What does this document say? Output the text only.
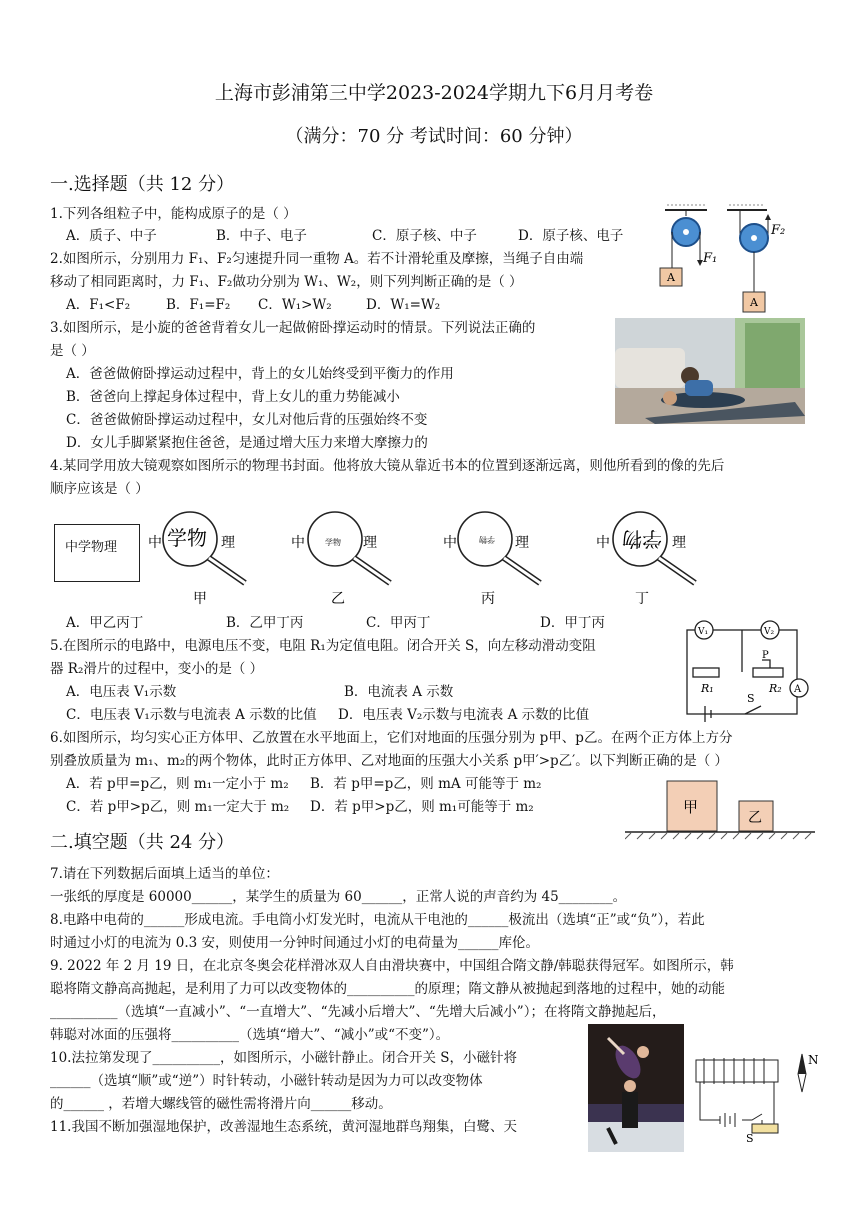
上海市彭浦第三中学2023-2024学期九下6月月考卷
（满分：70 分 考试时间：60 分钟）
一.选择题（共 12 分）
1.下列各组粒子中，能构成原子的是（ ）
A．质子、中子	B．中子、电子	C．原子核、中子	D．原子核、电子
2.如图所示，分别用力 F₁、F₂匀速提升同一重物 A。若不计滑轮重及摩擦，当绳子自由端
移动了相同距离时，力 F₁、F₂做功分别为 W₁、W₂，则下列判断正确的是（ ）
A．F₁<F₂	B．F₁=F₂ C．W₁>W₂	D．W₁=W₂
A
F₁
A
F₂
3.如图所示，是小旋的爸爸背着女儿一起做俯卧撑运动时的情景。下列说法正确的
是（ ）
A．爸爸做俯卧撑运动过程中，背上的女儿始终受到平衡力的作用
B．爸爸向上撑起身体过程中，背上女儿的重力势能减小
C．爸爸做俯卧撑运动过程中，女儿对他后背的压强始终不变
D．女儿手脚紧紧抱住爸爸，是通过增大压力来增大摩擦力的
4.某同学用放大镜观察如图所示的物理书封面。他将放大镜从靠近书本的位置到逐渐远离，则他所看到的像的先后
顺序应该是（ ）
中学物理 中	理
学物	中	理
学物	中	理
学物	中	理
学物
甲	乙	丙	丁
A．甲乙丙丁	B．乙甲丁丙	C．甲丙丁	D．甲丁丙
5.在图所示的电路中，电源电压不变，电阻 R₁为定值电阻。闭合开关 S，向左移动滑动变阻
器 R₂滑片的过程中，变小的是（ ）
A．电压表 V₁示数	B．电流表 A 示数
C．电压表 V₁示数与电流表 A 示数的比值 D．电压表 V₂示数与电流表 A 示数的比值
V₁	V₂
A
R₁	R₂
P
S
6.如图所示，均匀实心正方体甲、乙放置在水平地面上，它们对地面的压强分别为 p甲、p乙。在两个正方体上方分
别叠放质量为 m₁、m₂的两个物体，此时正方体甲、乙对地面的压强大小关系 p甲′>p乙′。以下判断正确的是（ ）
A．若 p甲=p乙，则 m₁一定小于 m₂ B．若 p甲=p乙，则 mA 可能等于 m₂
C．若 p甲>p乙，则 m₁一定大于 m₂ D．若 p甲>p乙，则 m₁可能等于 m₂	甲
乙
二.填空题（共 24 分）
7.请在下列数据后面填上适当的单位：
一张纸的厚度是 60000______，某学生的质量为 60______，正常人说的声音约为 45________。
8.电路中电荷的______形成电流。手电筒小灯发光时，电流从干电池的______极流出（选填“正”或“负”），若此
时通过小灯的电流为 0.3 安，则使用一分钟时间通过小灯的电荷量为______库伦。
9. 2022 年 2 月 19 日，在北京冬奥会花样滑冰双人自由滑块赛中，中国组合隋文静/韩聪获得冠军。如图所示，韩
聪将隋文静高高抛起，是利用了力可以改变物体的__________的原理；隋文静从被抛起到落地的过程中，她的动能
__________（选填“一直减小”、“一直增大”、“先减小后增大”、“先增大后减小”）；在将隋文静抛起后，
韩聪对冰面的压强将__________（选填“增大”、“减小”或“不变”）。
10.法拉第发现了__________，如图所示，小磁针静止。闭合开关 S，小磁针将
______（选填“顺”或“逆”）时针转动，小磁针转动是因为力可以改变物体
的______ ，若增大螺线管的磁性需将滑片向______移动。
11.我国不断加强湿地保护，改善湿地生态系统，黄河湿地群鸟翔集，白鹭、天
N
S
